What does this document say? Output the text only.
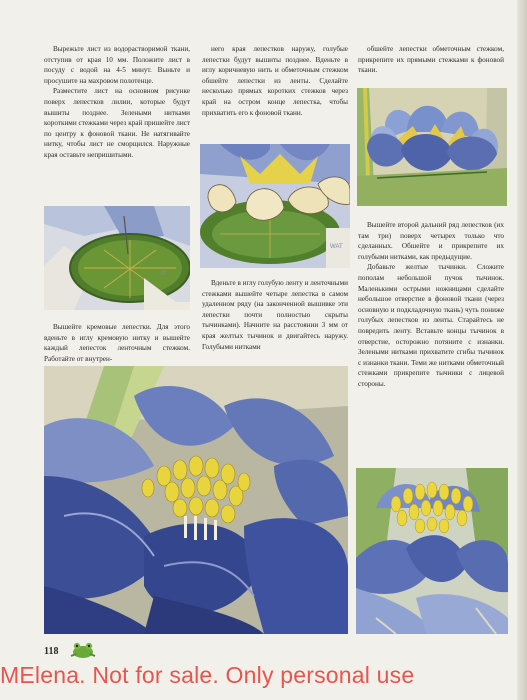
Вырежьте лист из водорастворимой ткани, отступив от края 10 мм. Положите лист в посуду с водой на 4-5 минут. Выньте и просушите на махровом полотенце.

Разместите лист на основном рисунке поверх лепестков лилии, которые будут вышиты позднее. Зелеными нитками короткими стежками через край пришейте лист по центру к фоновой ткани. Не натягивайте нитку, чтобы лист не сморщился. Наружные края оставьте непришитыми.

W

Вышейте кремовые лепестки. Для этого вденьте в иглу кремовую нитку и вышейте каждый лепесток ленточным стежком. Работайте от внутрен-

него края лепестков наружу, голубые лепестки будут вышиты позднее. Вденьте в иглу коричневую нить и обметочным стежком обшейте лепестки из ленты. Сделайте несколько прямых коротких стежков через край на остром конце лепестка, чтобы прихватить его к фоновой ткани.

WAT

Вденьте в иглу голубую ленту и ленточными стежками вышейте четыре лепестка в самом удаленном ряду (на законченной вышивке эти лепестки почти полностью скрыты тычинками). Начните на расстоянии 3 мм от края желтых тычинок и двигайтесь наружу. Голубыми нитками

обшейте лепестки обметочным стежком, прикрепите их прямыми стежками к фоновой ткани.

Вышейте второй дальний ряд лепестков (их там три) поверх четырех только что сделанных. Обшейте и прикрепите их голубыми нитками, как предыдущие.

Добавьте желтые тычинки. Сложите пополам небольшой пучок тычинок. Маленькими острыми ножницами сделайте небольшое отверстие в фоновой ткани (через основную и подкладочную ткань) чуть пониже голубых лепестков из ленты. Старайтесь не повредить ленту. Вставьте концы тычинок в отверстие, осторожно потяните с изнанки. Зелеными нитками прихватите сгибы тычинок с изнанки ткани. Теми же нитками обметочный стежками прикрепите тычинки с лицевой стороны.

118
MElena. Not for sale. Only personal use
